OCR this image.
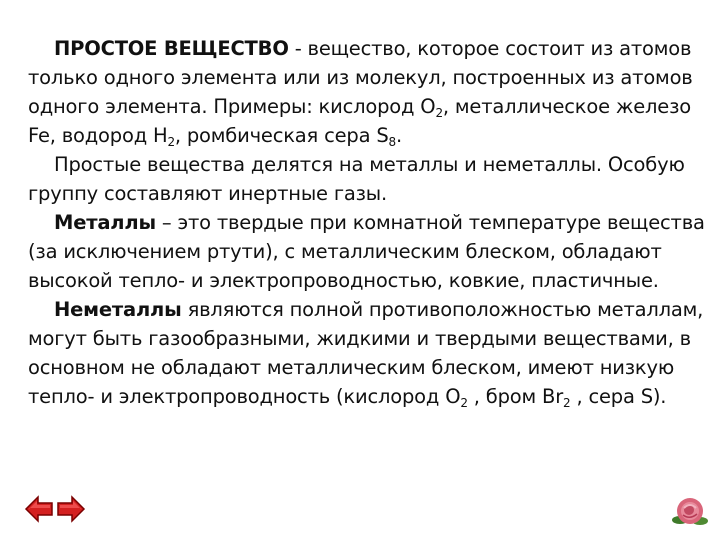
ПРОСТОЕ ВЕЩЕСТВО - вещество, которое состоит из атомов только одного элемента или из молекул, построенных из атомов одного элемента. Примеры: кислород $О_2$, металлическое железо Fe, водород $Н_2$, ромбическая сера $S_8$.

Простые вещества делятся на металлы и неметаллы. Особую группу составляют инертные газы.

Металлы – это твердые при комнатной температуре вещества (за исключением ртути), с металлическим блеском, обладают высокой тепло- и электропроводностью, ковкие, пластичные.

Неметаллы являются полной противоположностью металлам, могут быть газообразными, жидкими и твердыми веществами, в основном не обладают металлическим блеском, имеют низкую тепло- и электропроводность (кислород $О_2$ , бром $Br_2$ , сера S).
